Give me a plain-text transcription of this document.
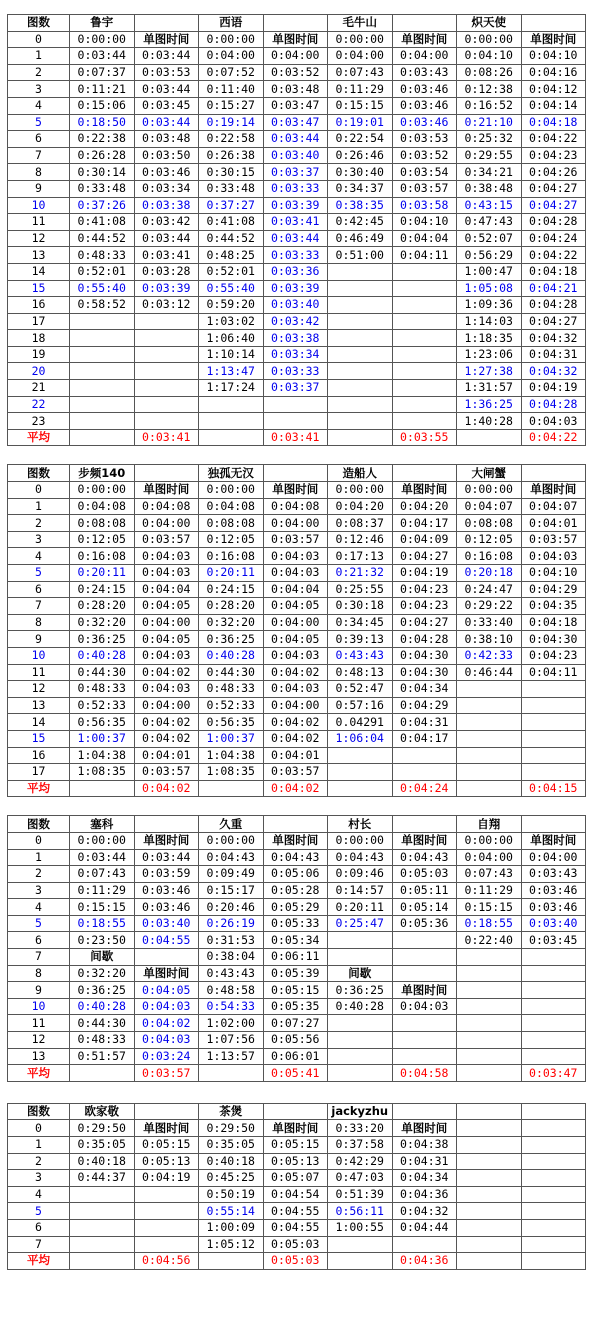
图数	鲁宇		西语		毛牛山		炽天使	
0	0:00:00	单图时间	0:00:00	单图时间	0:00:00	单图时间	0:00:00	单图时间
1	0:03:44	0:03:44	0:04:00	0:04:00	0:04:00	0:04:00	0:04:10	0:04:10
2	0:07:37	0:03:53	0:07:52	0:03:52	0:07:43	0:03:43	0:08:26	0:04:16
3	0:11:21	0:03:44	0:11:40	0:03:48	0:11:29	0:03:46	0:12:38	0:04:12
4	0:15:06	0:03:45	0:15:27	0:03:47	0:15:15	0:03:46	0:16:52	0:04:14
5	0:18:50	0:03:44	0:19:14	0:03:47	0:19:01	0:03:46	0:21:10	0:04:18
6	0:22:38	0:03:48	0:22:58	0:03:44	0:22:54	0:03:53	0:25:32	0:04:22
7	0:26:28	0:03:50	0:26:38	0:03:40	0:26:46	0:03:52	0:29:55	0:04:23
8	0:30:14	0:03:46	0:30:15	0:03:37	0:30:40	0:03:54	0:34:21	0:04:26
9	0:33:48	0:03:34	0:33:48	0:03:33	0:34:37	0:03:57	0:38:48	0:04:27
10	0:37:26	0:03:38	0:37:27	0:03:39	0:38:35	0:03:58	0:43:15	0:04:27
11	0:41:08	0:03:42	0:41:08	0:03:41	0:42:45	0:04:10	0:47:43	0:04:28
12	0:44:52	0:03:44	0:44:52	0:03:44	0:46:49	0:04:04	0:52:07	0:04:24
13	0:48:33	0:03:41	0:48:25	0:03:33	0:51:00	0:04:11	0:56:29	0:04:22
14	0:52:01	0:03:28	0:52:01	0:03:36			1:00:47	0:04:18
15	0:55:40	0:03:39	0:55:40	0:03:39			1:05:08	0:04:21
16	0:58:52	0:03:12	0:59:20	0:03:40			1:09:36	0:04:28
17			1:03:02	0:03:42			1:14:03	0:04:27
18			1:06:40	0:03:38			1:18:35	0:04:32
19			1:10:14	0:03:34			1:23:06	0:04:31
20			1:13:47	0:03:33			1:27:38	0:04:32
21			1:17:24	0:03:37			1:31:57	0:04:19
22							1:36:25	0:04:28
23							1:40:28	0:04:03
平均		0:03:41		0:03:41		0:03:55		0:04:22
图数	步频140		独孤无汉		造船人		大闸蟹	
0	0:00:00	单图时间	0:00:00	单图时间	0:00:00	单图时间	0:00:00	单图时间
1	0:04:08	0:04:08	0:04:08	0:04:08	0:04:20	0:04:20	0:04:07	0:04:07
2	0:08:08	0:04:00	0:08:08	0:04:00	0:08:37	0:04:17	0:08:08	0:04:01
3	0:12:05	0:03:57	0:12:05	0:03:57	0:12:46	0:04:09	0:12:05	0:03:57
4	0:16:08	0:04:03	0:16:08	0:04:03	0:17:13	0:04:27	0:16:08	0:04:03
5	0:20:11	0:04:03	0:20:11	0:04:03	0:21:32	0:04:19	0:20:18	0:04:10
6	0:24:15	0:04:04	0:24:15	0:04:04	0:25:55	0:04:23	0:24:47	0:04:29
7	0:28:20	0:04:05	0:28:20	0:04:05	0:30:18	0:04:23	0:29:22	0:04:35
8	0:32:20	0:04:00	0:32:20	0:04:00	0:34:45	0:04:27	0:33:40	0:04:18
9	0:36:25	0:04:05	0:36:25	0:04:05	0:39:13	0:04:28	0:38:10	0:04:30
10	0:40:28	0:04:03	0:40:28	0:04:03	0:43:43	0:04:30	0:42:33	0:04:23
11	0:44:30	0:04:02	0:44:30	0:04:02	0:48:13	0:04:30	0:46:44	0:04:11
12	0:48:33	0:04:03	0:48:33	0:04:03	0:52:47	0:04:34		
13	0:52:33	0:04:00	0:52:33	0:04:00	0:57:16	0:04:29		
14	0:56:35	0:04:02	0:56:35	0:04:02	0.04291	0:04:31		
15	1:00:37	0:04:02	1:00:37	0:04:02	1:06:04	0:04:17		
16	1:04:38	0:04:01	1:04:38	0:04:01				
17	1:08:35	0:03:57	1:08:35	0:03:57				
平均		0:04:02		0:04:02		0:04:24		0:04:15
图数	塞科		久重		村长		自翔	
0	0:00:00	单图时间	0:00:00	单图时间	0:00:00	单图时间	0:00:00	单图时间
1	0:03:44	0:03:44	0:04:43	0:04:43	0:04:43	0:04:43	0:04:00	0:04:00
2	0:07:43	0:03:59	0:09:49	0:05:06	0:09:46	0:05:03	0:07:43	0:03:43
3	0:11:29	0:03:46	0:15:17	0:05:28	0:14:57	0:05:11	0:11:29	0:03:46
4	0:15:15	0:03:46	0:20:46	0:05:29	0:20:11	0:05:14	0:15:15	0:03:46
5	0:18:55	0:03:40	0:26:19	0:05:33	0:25:47	0:05:36	0:18:55	0:03:40
6	0:23:50	0:04:55	0:31:53	0:05:34			0:22:40	0:03:45
7	间歇		0:38:04	0:06:11				
8	0:32:20	单图时间	0:43:43	0:05:39	间歇			
9	0:36:25	0:04:05	0:48:58	0:05:15	0:36:25	单图时间		
10	0:40:28	0:04:03	0:54:33	0:05:35	0:40:28	0:04:03		
11	0:44:30	0:04:02	1:02:00	0:07:27				
12	0:48:33	0:04:03	1:07:56	0:05:56				
13	0:51:57	0:03:24	1:13:57	0:06:01				
平均		0:03:57		0:05:41		0:04:58		0:03:47
图数	欧家敬		茶煲		jackyzhu			
0	0:29:50	单图时间	0:29:50	单图时间	0:33:20	单图时间		
1	0:35:05	0:05:15	0:35:05	0:05:15	0:37:58	0:04:38		
2	0:40:18	0:05:13	0:40:18	0:05:13	0:42:29	0:04:31		
3	0:44:37	0:04:19	0:45:25	0:05:07	0:47:03	0:04:34		
4			0:50:19	0:04:54	0:51:39	0:04:36		
5			0:55:14	0:04:55	0:56:11	0:04:32		
6			1:00:09	0:04:55	1:00:55	0:04:44		
7			1:05:12	0:05:03				
平均		0:04:56		0:05:03		0:04:36		
